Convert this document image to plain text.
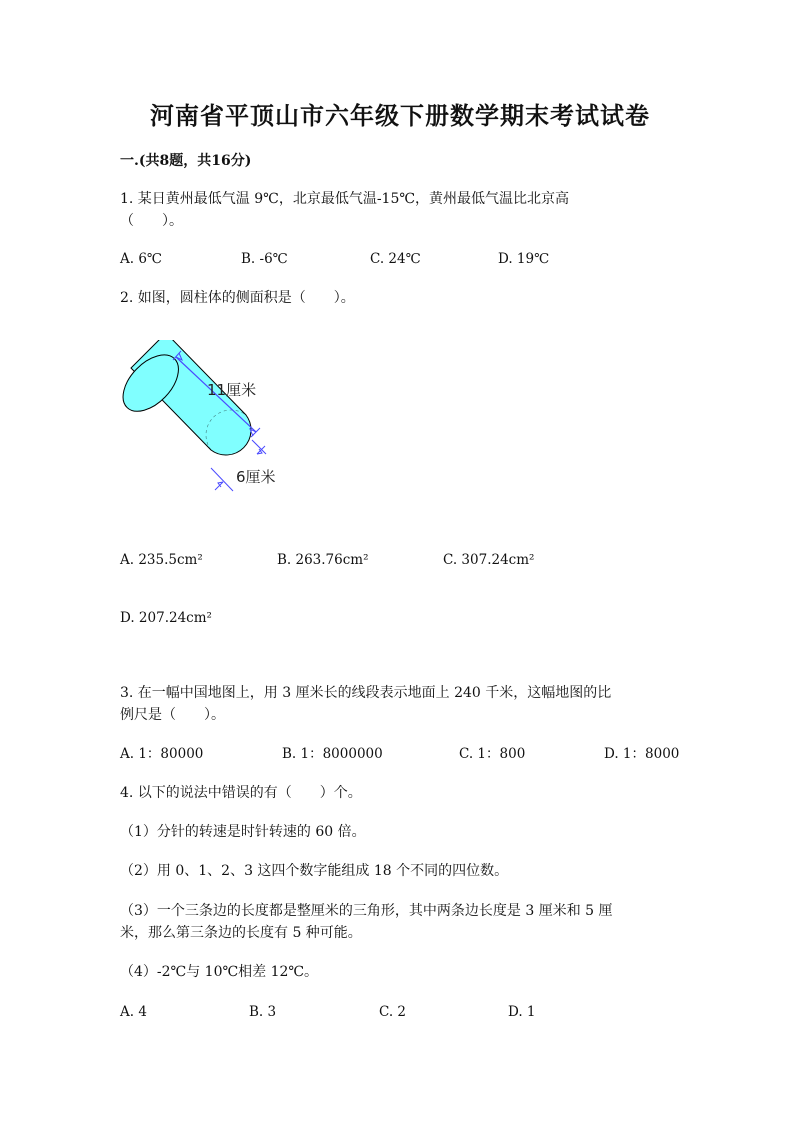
河南省平顶山市六年级下册数学期末考试试卷
一.(共8题，共16分)
1. 某日黄州最低气温 9℃，北京最低气温-15℃，黄州最低气温比北京高
（　　）。
A. 6℃	B. -6℃	C. 24℃	D. 19℃
2. 如图，圆柱体的侧面积是（　　）。
11厘米
6厘米
A. 235.5cm²	B. 263.76cm²	C. 307.24cm²
D. 207.24cm²
3. 在一幅中国地图上，用 3 厘米长的线段表示地面上 240 千米，这幅地图的比
例尺是（　　）。
A. 1：80000	B. 1：8000000	C. 1：800	D. 1：8000
4. 以下的说法中错误的有（　　）个。
（1）分针的转速是时针转速的 60 倍。
（2）用 0、1、2、3 这四个数字能组成 18 个不同的四位数。
（3）一个三条边的长度都是整厘米的三角形，其中两条边长度是 3 厘米和 5 厘
米，那么第三条边的长度有 5 种可能。
（4）-2℃与 10℃相差 12℃。
A. 4	B. 3	C. 2	D. 1
